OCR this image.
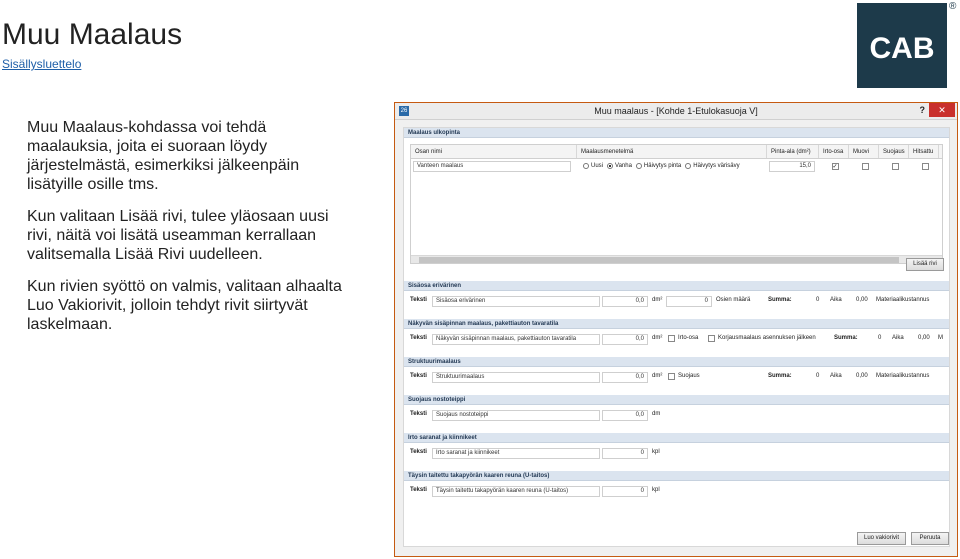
Muu Maalaus
Sisällysluettelo	CAB
®
Muu Maalaus-kohdassa voi tehdä maalauksia, joita ei suoraan löydy järjestelmästä, esimerkiksi jälkeenpäin lisätyille osille tms.
Kun valitaan Lisää rivi, tulee yläosaan uusi rivi, näitä voi lisätä useamman kerrallaan valitsemalla Lisää Rivi uudelleen.
Kun rivien syöttö on valmis, valitaan alhaalta Luo Vakiorivit, jolloin tehdyt rivit siirtyvät laskelmaan.
26	Muu maalaus - [Kohde 1-Etulokasuoja V]	?	✕
Maalaus ulkopinta
Osan nimi	Maalausmenetelmä	Pinta-ala (dm²)	Irto-osa	Muovi	Suojaus	Hitsattu
Vanteen maalaus	Uusi Vanha Häivytys pinta Häivytys värisävy	15,0	✓
Lisää rivi
Sisäosa erivärinen
Teksti	Sisäosa erivärinen	0,0	dm²	0	Osien määrä	Summa:	0 Aika 0,00 Materiaalikustannus
Näkyvän sisäpinnan maalaus, pakettiauton tavaratila
Teksti	Näkyvän sisäpinnan maalaus, pakettiauton tavaratila	0,0	dm²	Irto-osa	Korjausmaalaus asennuksen jälkeen	Summa:	0 Aika 0,00 M
Struktuurimaalaus
Teksti	Struktuurimaalaus	0,0	dm²	Suojaus	Summa:	0 Aika 0,00 Materiaalikustannus
Suojaus nostoteippi
Teksti	Suojaus nostoteippi	0,0	dm
Irto saranat ja kiinnikeet
Teksti	Irto saranat ja kiinnikeet	0	kpl
Täysin taitettu takapyörän kaaren reuna (U-taitos)
Teksti	Täysin taitettu takapyörän kaaren reuna (U-taitos)	0	kpl
Luo vakiorivit	Peruuta
